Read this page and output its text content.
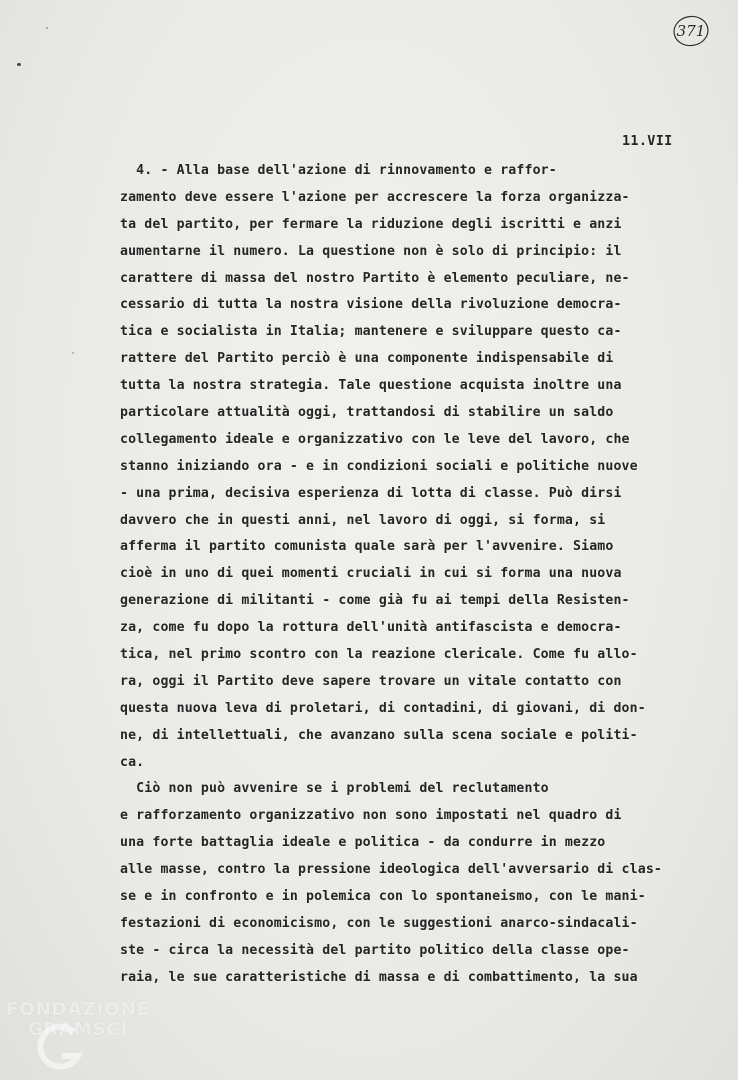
371
11.VII
4. - Alla base dell'azione di rinnovamento e raffor-
zamento deve essere l'azione per accrescere la forza organizza-
ta del partito, per fermare la riduzione degli iscritti e anzi
aumentarne il numero. La questione non è solo di principio: il
carattere di massa del nostro Partito è elemento peculiare, ne-
cessario di tutta la nostra visione della rivoluzione democra-
tica e socialista in Italia; mantenere e sviluppare questo ca-
rattere del Partito perciò è una componente indispensabile di
tutta la nostra strategia. Tale questione acquista inoltre una
particolare attualità oggi, trattandosi di stabilire un saldo
collegamento ideale e organizzativo con le leve del lavoro, che
stanno iniziando ora - e in condizioni sociali e politiche nuove
- una prima, decisiva esperienza di lotta di classe. Può dirsi
davvero che in questi anni, nel lavoro di oggi, si forma, si
afferma il partito comunista quale sarà per l'avvenire. Siamo
cioè in uno di quei momenti cruciali in cui si forma una nuova
generazione di militanti - come già fu ai tempi della Resisten-
za, come fu dopo la rottura dell'unità antifascista e democra-
tica, nel primo scontro con la reazione clericale. Come fu allo-
ra, oggi il Partito deve sapere trovare un vitale contatto con
questa nuova leva di proletari, di contadini, di giovani, di don-
ne, di intellettuali, che avanzano sulla scena sociale e politi-
ca.
Ciò non può avvenire se i problemi del reclutamento
e rafforzamento organizzativo non sono impostati nel quadro di
una forte battaglia ideale e politica - da condurre in mezzo
alle masse, contro la pressione ideologica dell'avversario di clas-
se e in confronto e in polemica con lo spontaneismo, con le mani-
festazioni di economicismo, con le suggestioni anarco-sindacali-
ste - circa la necessità del partito politico della classe ope-
raia, le sue caratteristiche di massa e di combattimento, la sua
FONDAZIONE
GRAMSCI
